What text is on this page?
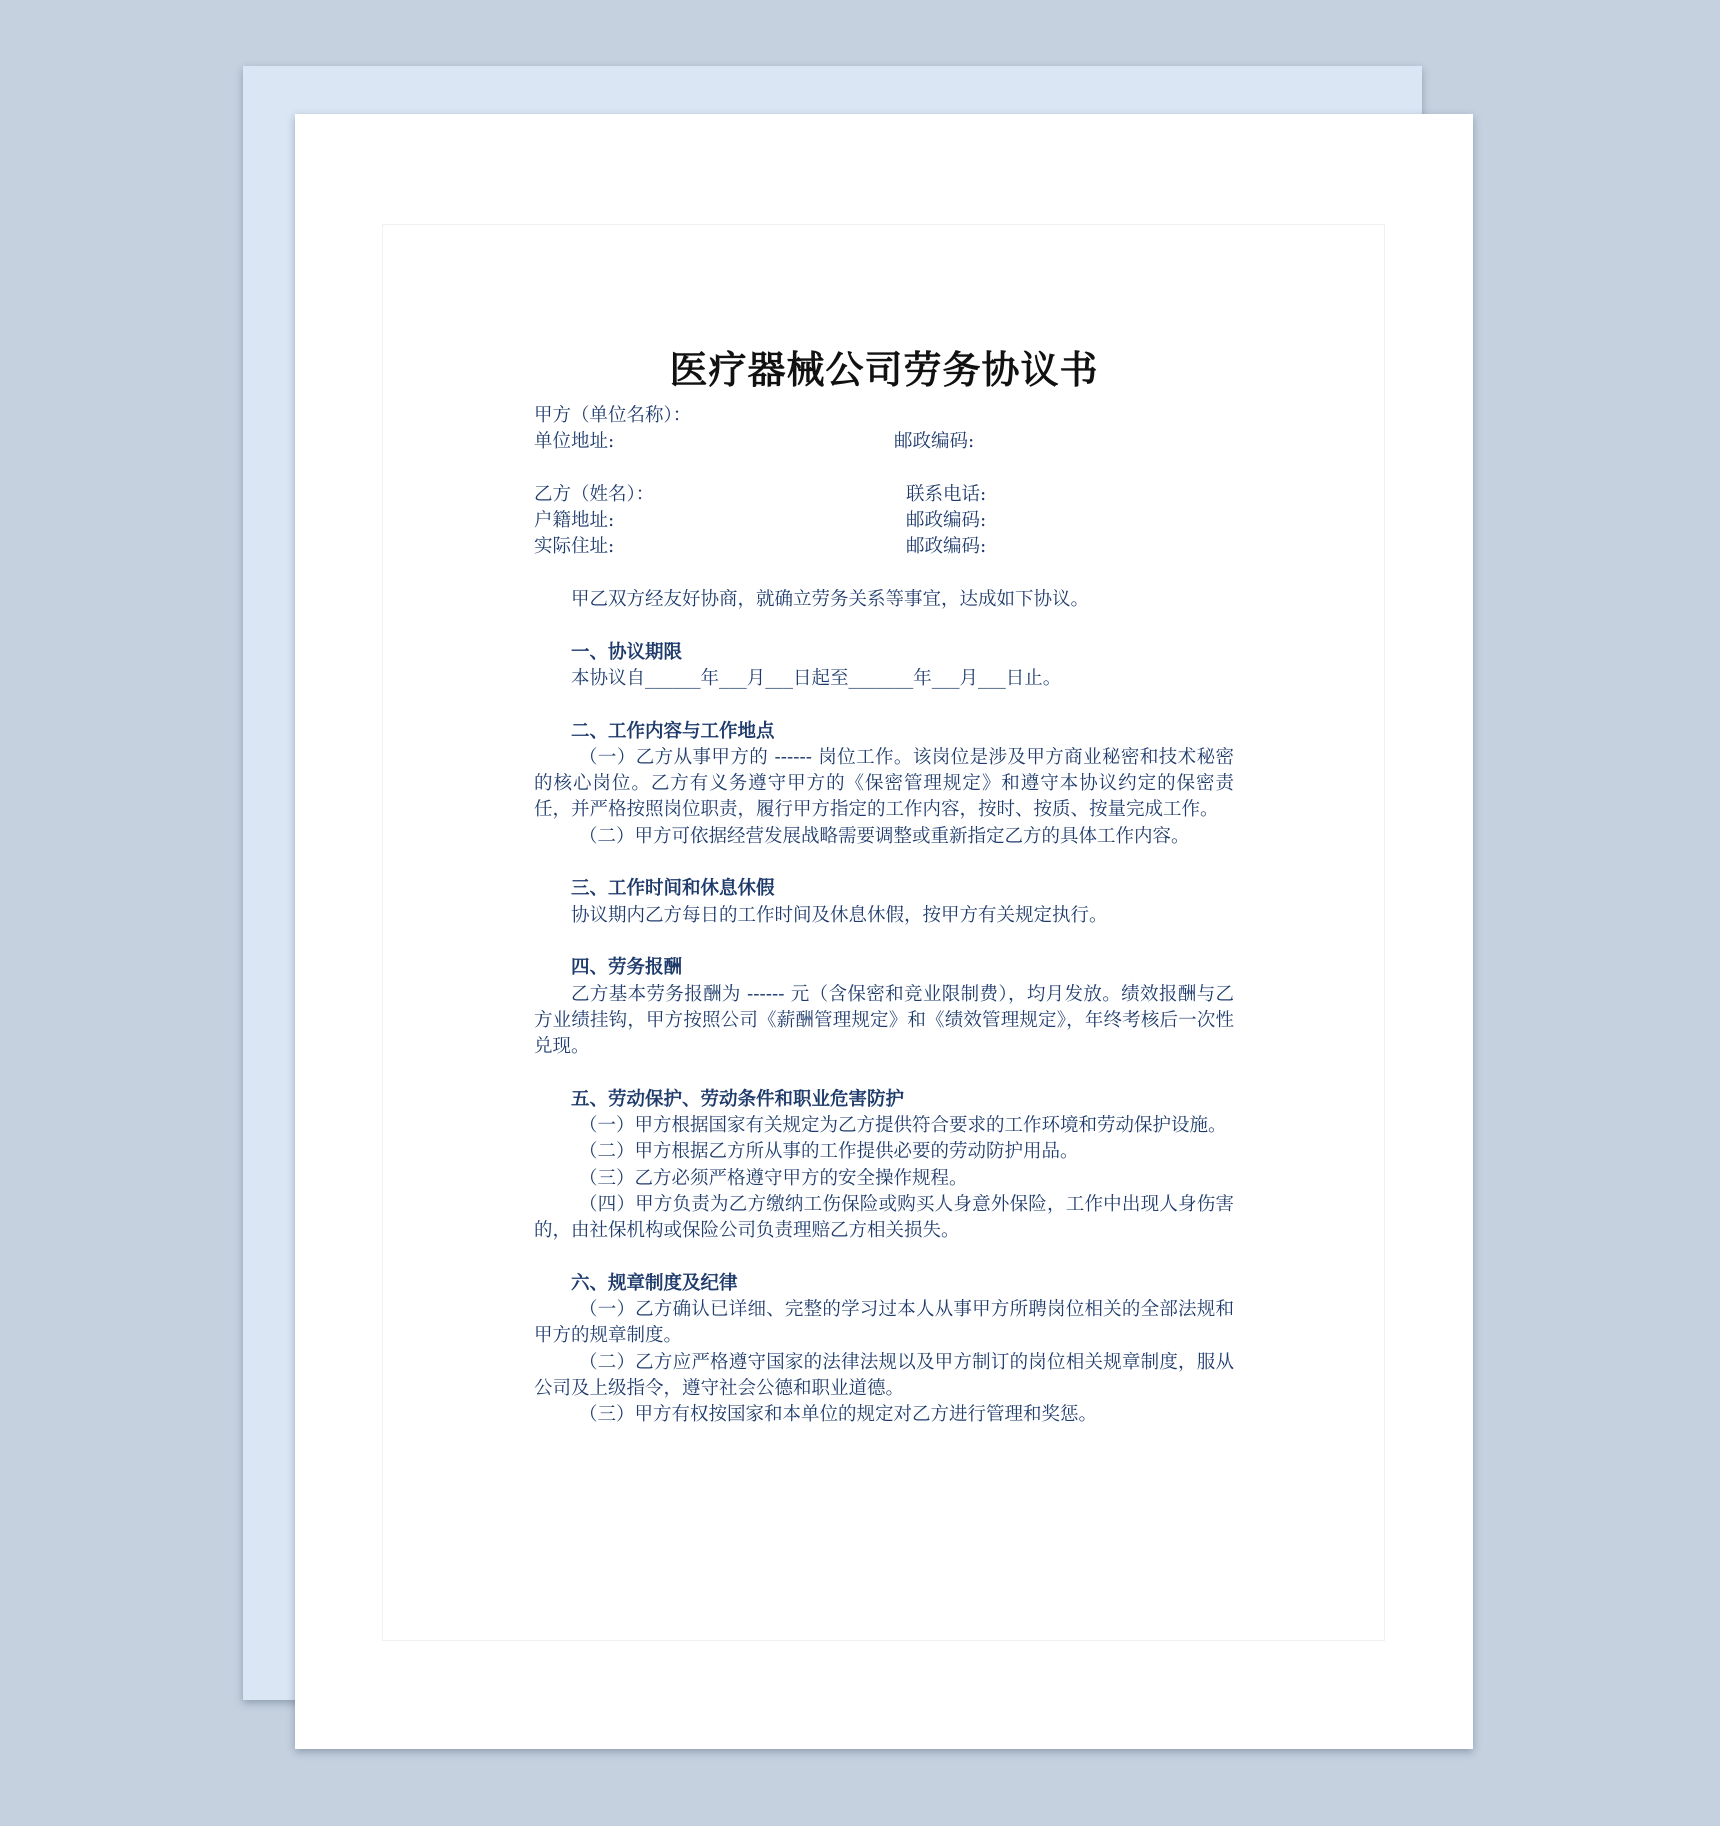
医疗器械公司劳务协议书
甲方（单位名称）：
单位地址:	邮政编码:
乙方（姓名）：	联系电话:
户籍地址:	邮政编码:
实际住址:	邮政编码:
甲乙双方经友好协商，就确立劳务关系等事宜，达成如下协议。
一、协议期限
本协议自______年___月___日起至_______年___月___日止。
二、工作内容与工作地点
（一）乙方从事甲方的 ------ 岗位工作。该岗位是涉及甲方商业秘密和技术秘密的核心岗位。乙方有义务遵守甲方的《保密管理规定》和遵守本协议约定的保密责任，并严格按照岗位职责，履行甲方指定的工作内容，按时、按质、按量完成工作。
（二）甲方可依据经营发展战略需要调整或重新指定乙方的具体工作内容。
三、工作时间和休息休假
协议期内乙方每日的工作时间及休息休假，按甲方有关规定执行。
四、劳务报酬
乙方基本劳务报酬为 ------ 元（含保密和竞业限制费），均月发放。绩效报酬与乙方业绩挂钩，甲方按照公司《薪酬管理规定》和《绩效管理规定》，年终考核后一次性兑现。
五、劳动保护、劳动条件和职业危害防护
（一）甲方根据国家有关规定为乙方提供符合要求的工作环境和劳动保护设施。
（二）甲方根据乙方所从事的工作提供必要的劳动防护用品。
（三）乙方必须严格遵守甲方的安全操作规程。
（四）甲方负责为乙方缴纳工伤保险或购买人身意外保险，工作中出现人身伤害的，由社保机构或保险公司负责理赔乙方相关损失。
六、规章制度及纪律
（一）乙方确认已详细、完整的学习过本人从事甲方所聘岗位相关的全部法规和甲方的规章制度。
（二）乙方应严格遵守国家的法律法规以及甲方制订的岗位相关规章制度，服从公司及上级指令，遵守社会公德和职业道德。
（三）甲方有权按国家和本单位的规定对乙方进行管理和奖惩。
